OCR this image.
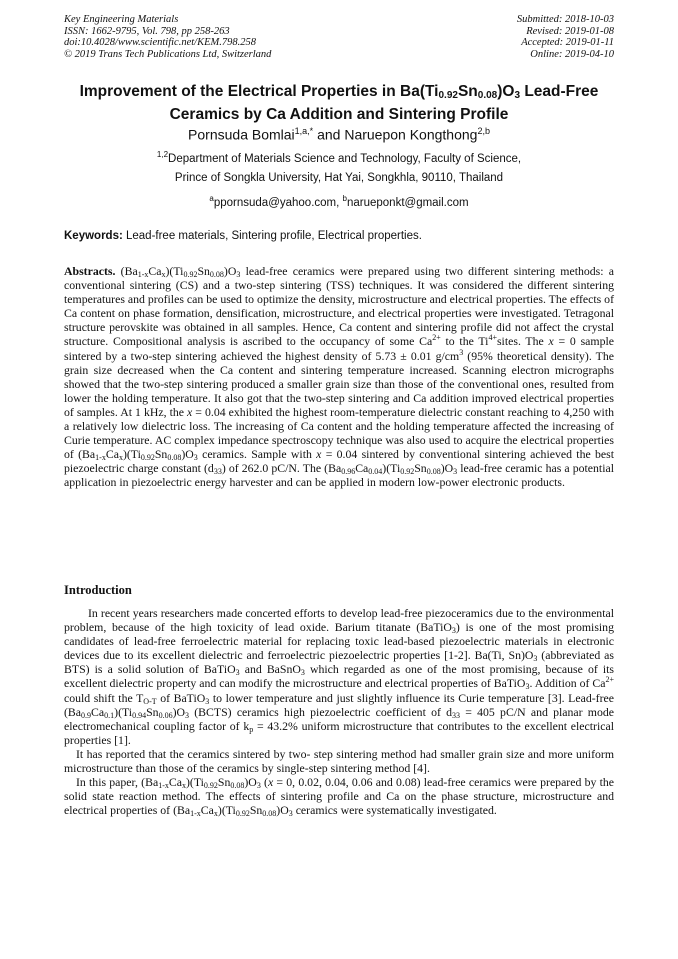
Key Engineering Materials
ISSN: 1662-9795, Vol. 798, pp 258-263
doi:10.4028/www.scientific.net/KEM.798.258
© 2019 Trans Tech Publications Ltd, Switzerland
Submitted: 2018-10-03
Revised: 2019-01-08
Accepted: 2019-01-11
Online: 2019-04-10
Improvement of the Electrical Properties in $Ba(Ti_{0.92}Sn_{0.08})O_3$ Lead-Free
Ceramics by Ca Addition and Sintering Profile
Pornsuda Bomlai$^{1,a,*}$ and Naruepon Kongthong$^{2,b}$
$^{1,2}$Department of Materials Science and Technology, Faculty of Science,
Prince of Songkla University, Hat Yai, Songkhla, 90110, Thailand
$^a$ppornsuda@yahoo.com, $^b$narueponkt@gmail.com
Keywords: Lead-free materials, Sintering profile, Electrical properties.
Abstracts. $(Ba_{1-x}Ca_x)(Ti_{0.92}Sn_{0.08})O_3$ lead-free ceramics were prepared using two different sintering methods: a conventional sintering (CS) and a two-step sintering (TSS) techniques. It was considered the different sintering temperatures and profiles can be used to optimize the density, microstructure and electrical properties. The effects of Ca content on phase formation, densification, microstructure, and electrical properties were investigated. Tetragonal structure perovskite was obtained in all samples. Hence, Ca content and sintering profile did not affect the crystal structure. Compositional analysis is ascribed to the occupancy of some $Ca^{2+}$ to the $Ti^{4+}sites$. The x = 0 sample sintered by a two-step sintering achieved the highest density of 5.73 ± 0.01 $g/cm^3$ (95% theoretical density). The grain size decreased when the Ca content and sintering temperature increased. Scanning electron micrographs showed that the two-step sintering produced a smaller grain size than those of the conventional ones, resulted from lower the holding temperature. It also got that the two-step sintering and Ca addition improved electrical properties of samples. At 1 kHz, the x = 0.04 exhibited the highest room-temperature dielectric constant reaching to 4,250 with a relatively low dielectric loss. The increasing of Ca content and the holding temperature affected the increasing of Curie temperature. AC complex impedance spectroscopy technique was also used to acquire the electrical properties of $(Ba_{1-x}Ca_x)(Ti_{0.92}Sn_{0.08})O_3$ ceramics. Sample with x = 0.04 sintered by conventional sintering achieved the best piezoelectric charge constant $(d_{33})$ of 262.0 pC/N. The $(Ba_{0.96}Ca_{0.04})(Ti_{0.92}Sn_{0.08})O_3$ lead-free ceramic has a potential application in piezoelectric energy harvester and can be applied in modern low-power electronic products.
Introduction

In recent years researchers made concerted efforts to develop lead-free piezoceramics due to the environmental problem, because of the high toxicity of lead oxide. Barium titanate (BaTiO$_3$) is one of the most promising candidates of lead-free ferroelectric material for replacing toxic lead-based piezoelectric materials in electronic devices due to its excellent dielectric and ferroelectric piezoelectric properties [1-2]. Ba(Ti, $Sn)O_3$ (abbreviated as BTS) is a solid solution of BaTiO$_3$ and BaSnO$_3$ which regarded as one of the most promising, because of its excellent dielectric property and can modify the microstructure and electrical properties of BaTiO$_3$. Addition of $Ca^{2+}$ could shift the $T_{O-T}$ of BaTiO$_3$ to lower temperature and just slightly influence its Curie temperature [3]. Lead-free $(Ba_{0.9}Ca_{0.1})(Ti_{0.94}Sn_{0.06})O_3$ (BCTS) ceramics high piezoelectric coefficient of $d_{33} = 405$ pC/N and planar mode electromechanical coupling factor of $k_p = 43.2\%$ uniform microstructure that contributes to the excellent electrical properties [1].

It has reported that the ceramics sintered by two- step sintering method had smaller grain size and more uniform microstructure than those of the ceramics by single-step sintering method [4].

In this paper, $(Ba_{1-x}Ca_x)(Ti_{0.92}Sn_{0.08})O_3$ (x = 0, 0.02, 0.04, 0.06 and 0.08) lead-free ceramics were prepared by the solid state reaction method. The effects of sintering profile and Ca on the phase structure, microstructure and electrical properties of $(Ba_{1-x}Ca_x)(Ti_{0.92}Sn_{0.08})O_3$ ceramics were systematically investigated.
